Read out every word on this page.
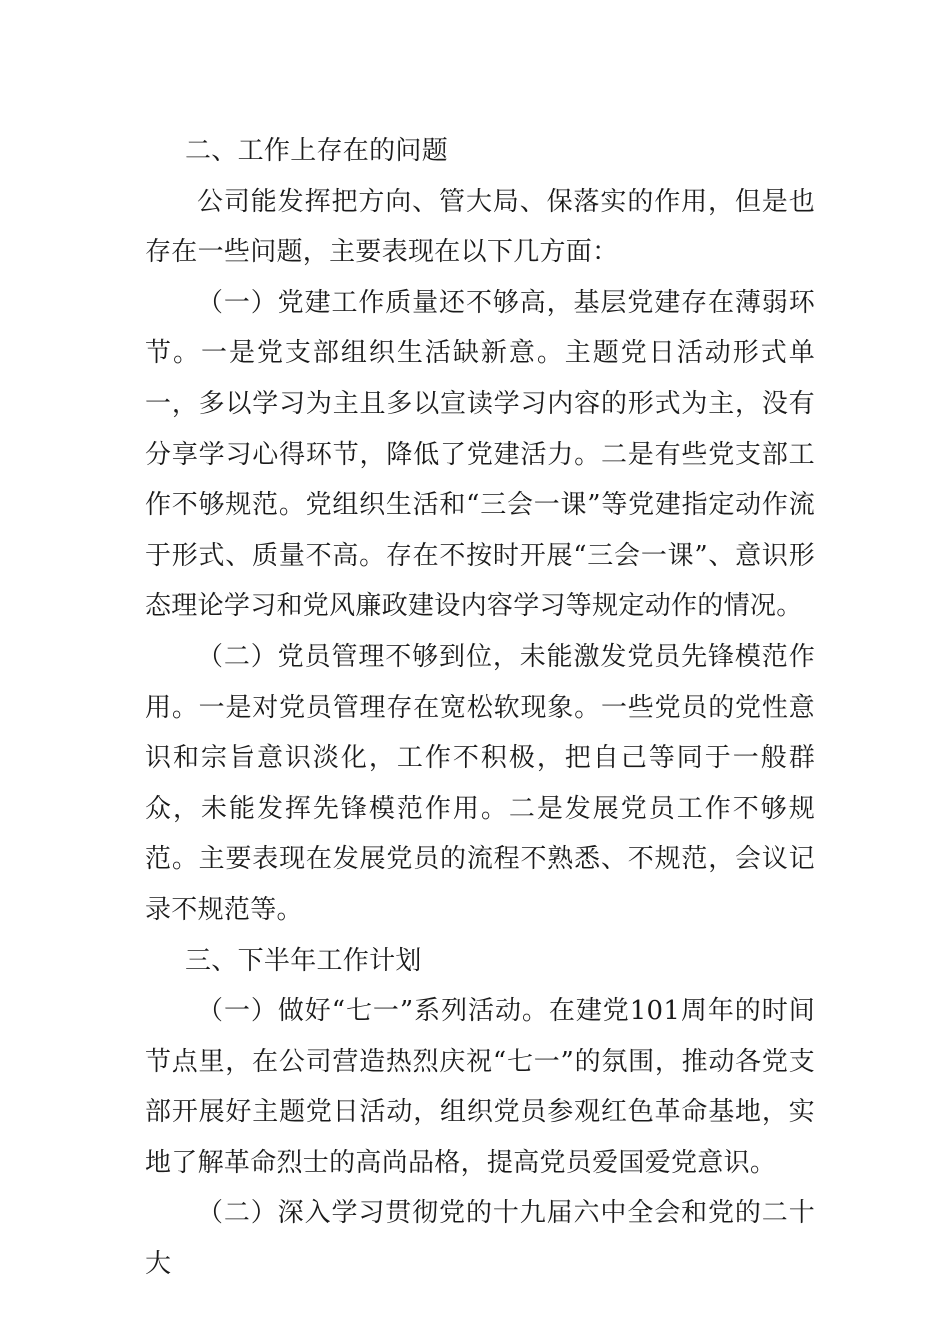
二、工作上存在的问题

公司能发挥把方向、管大局、保落实的作用，但是也存在一些问题，主要表现在以下几方面：

（一）党建工作质量还不够高，基层党建存在薄弱环节。一是党支部组织生活缺新意。主题党日活动形式单一，多以学习为主且多以宣读学习内容的形式为主，没有分享学习心得环节，降低了党建活力。二是有些党支部工作不够规范。党组织生活和“三会一课”等党建指定动作流于形式、质量不高。存在不按时开展“三会一课”、意识形态理论学习和党风廉政建设内容学习等规定动作的情况。

（二）党员管理不够到位，未能激发党员先锋模范作用。一是对党员管理存在宽松软现象。一些党员的党性意识和宗旨意识淡化，工作不积极，把自己等同于一般群众，未能发挥先锋模范作用。二是发展党员工作不够规范。主要表现在发展党员的流程不熟悉、不规范，会议记录不规范等。

三、下半年工作计划

（一）做好“七一”系列活动。在建党101周年的时间节点里，在公司营造热烈庆祝“七一”的氛围，推动各党支部开展好主题党日活动，组织党员参观红色革命基地，实地了解革命烈士的高尚品格，提高党员爱国爱党意识。

（二）深入学习贯彻党的十九届六中全会和党的二十大
